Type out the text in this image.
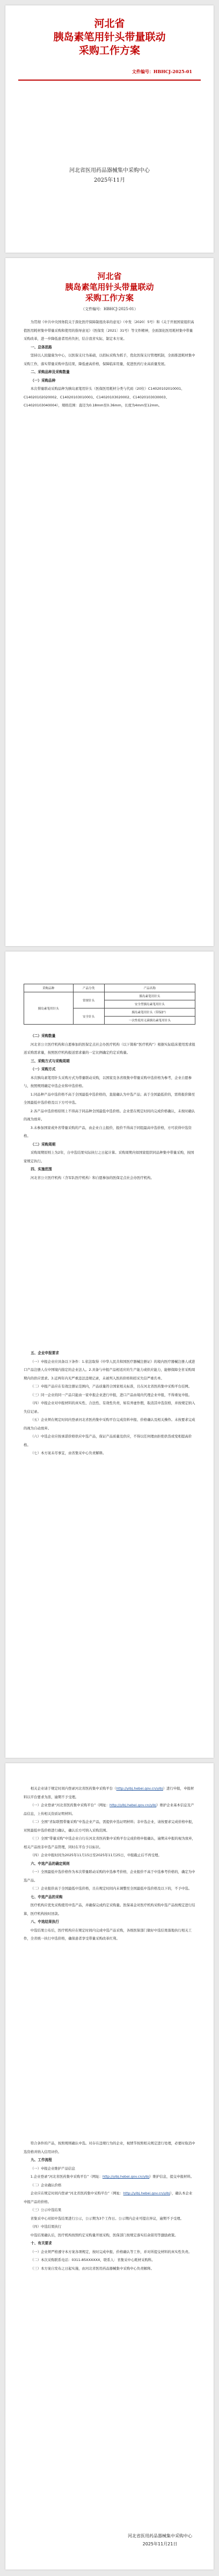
河北省
胰岛素笔用针头带量联动
采购工作方案
文件编号：HBHCJ-2025-01
河北省医用药品器械集中采购中心
2025年11月
河北省
胰岛素笔用针头带量联动
采购工作方案
（文件编号：HBHCJ-2025-01）

为贯彻《中共中央国务院关于深化医疗保障制度改革的意见》（中发〔2020〕5号）和《关于开展国家组织高值医用耗材集中带量采购和使用的指导意见》（医保发〔2021〕31号）等文件精神，全面深化医用耗材集中带量采购改革，进一步降低患者用药负担，结合我省实际，制定本方案。

一、总体思路

坚持以人民健康为中心，以医保支付为基础，以招标采购为抓手，优化医保支付管理机制，全面推进耗材集中采购工作，落实带量采购中选结果，降低虚高价格，保障临床用量，促进医药行业高质量发展。

二、采购品种及采购数量
（一）采购品种

本次带量联动采购品种为胰岛素笔用针头（医保医用耗材分类与代码（20位）C14020102010001、C14020102020002、C14020103010001、C14020103020002、C14020103030003、C14020103040004），规格范围：直径为0.18mm至0.36mm，长度为4mm至12mm。

采购品种	产品分类	产品名称
胰岛素笔用针头	常规针头	胰岛素笔用针头
		安全型胰岛素笔用针头
	安全针头	胰岛素笔用针头（带保护）
		一次性使用无菌胰岛素笔用针头
（二）采购数量

河北省公立医疗机构和自愿参加的医保定点社会办医疗机构（以下简称“医疗机构”）根据实际临床使用需求报送采购需求量，按照医疗机构报送需求量的一定比例确定约定采购量。

三、采购方式与采购周期
（一）采购方式

本次胰岛素笔用针头采购方式为带量联动采购，以国家及各省级集中带量采购中选价格为参考，企业自愿参与，按照规则确定中选企业和中选价格。

1.同品种产品中选价格不高于全国最低中选价格的，直接确认为中选产品；高于全国最低价的，需将报价降至全国最低中选价格及以下方可中选。

2.各产品中选价格原则上不得高于同品种全国最低中选价格。企业需在规定时间内完成价格确认，未按时确认的视为放弃。

3.未参加国家或外省带量采购的产品，由企业自主报价，报价不得高于同组最高中选价格，方可获得中选资格。

（二）采购周期

采购周期原则上为2年，自中选结果实际执行之日起计算。采购周期内如国家组织同品种集中带量采购，按国家规定执行。

四、实施范围

河北省公立医疗机构（含军队医疗机构）和自愿参加的医保定点社会办医疗机构。

五、企业申报要求

（一）申报企业应具备以下条件：1.依法取得《中华人民共和国医疗器械注册证》的境内医疗器械注册人或进口产品注册人在中国境内指定的企业法人。2.具备与申报产品相适应的生产能力或供应能力，能够保障全省采购周期内的供应需求。3.近两年内无严重违法违规记录，未被列入医药价格和招采失信严重名单。

（二）申报产品应在有效注册证范围内，产品质量符合国家相关标准，且在河北省医药集中采购平台挂网。

（三）同一企业的同一产品只能由一家申报企业进行申报，进口产品由境内代理企业申报，不得重复申报。

（四）申报企业对申报材料的真实性、合法性、有效性负责，如有弄虚作假，取消其中选资格，并按规定纳入失信记录。

（五）企业须在规定时间内登录河北省医药集中采购平台完成资料申报、价格确认及相关操作。未按要求完成的视为自动放弃。

（六）中选企业应按承诺价格供应中选产品，保证产品质量及供应，不得以任何理由拒绝供货或变相提高价格。

（七）本方案未尽事宜，由省集采中心负责解释。

相关企业请于规定时间内登录河北省医药集中采购平台（http://ylbj.hebei.gov.cn/ylbj）进行申报，申报材料以平台要求为准，逾期不予受理。

（一）企业登录“河北省医药集中采购平台”（网址：http://ylbj.hebei.gov.cn/ylbj）维护企业基本信息及产品信息，上传相关资质证明材料。

（二）全国“省际联盟带量采购”中选企业产品，需提供中选证明材料；非中选企业，请按要求完成价格申报，对照最低中选价格进行确认，确认后方可纳入采购范围。

（三）全国“带量采购”中选企业自行在河北省医药集中采购平台完成价格申报确认，逾期未申报的视为放弃，相关产品按非中选产品管理，同时在平台予以标识。

（四）企业申报时间为2025年11月15日至2025年11月25日，申报截止后不再受理。

六、中选产品的确定规则

（一）全国最低中选价格作为本次带量联动采购的中选参考价格，企业报价不高于中选参考价格的，确定为中选产品。

（二）企业报价高于全国最低中选价格，且在规定时间内未调整至全国最低中选价格及以下的，不予中选。

七、中选产品的采购

医疗机构应优先采购使用中选产品，并确保完成约定采购量。医保基金对医疗机构采购中选产品按规定进行结算，医疗机构按时回款。

八、中选结果执行

中选结果公布后，医疗机构应在规定时间内完成中选产品采购，各级医保部门做好中选结果落地执行相关工作，全省统一执行中选价格，确保患者享受带量采购改革红利。

符合条件的产品，按照规则确认中选。对存在违规行为的企业，视情节按照相关规定进行处理，必要时取消中选资格并纳入信用评价。

九、工作流程

（一）申报企业维护产品信息

1.企业登录“河北省医药集中采购平台”（网址：http://ylbj.hebei.gov.cn/ylbj）维护信息，提交申报材料。

（二）企业确认价格

企业应在规定时间内登录“河北省医药集中采购平台”（网址：http://ylbj.hebei.gov.cn/ylbj），确认本企业申报产品的价格。

（三）公示中选结果

省集采中心对拟中选结果进行公示，公示期为3个工作日。公示期内企业可提出异议，逾期不予受理。

（四）中选结果执行

中选结果确认后，医疗机构按照约定采购量开展采购，医保部门按规定落实结余留用等激励政策。

十、有关要求

（一）企业须严格遵守本方案各项规定，按时完成申报、价格确认等工作，并对所提交材料的真实性负责。

（二）本次采购联系电话：0311-85XXXXXX，联系人：省集采中心耗材采购科。

（三）本方案自发布之日起实施，由河北省医用药品器械集中采购中心负责解释。

河北省医用药品器械集中采购中心
2025年11月21日
